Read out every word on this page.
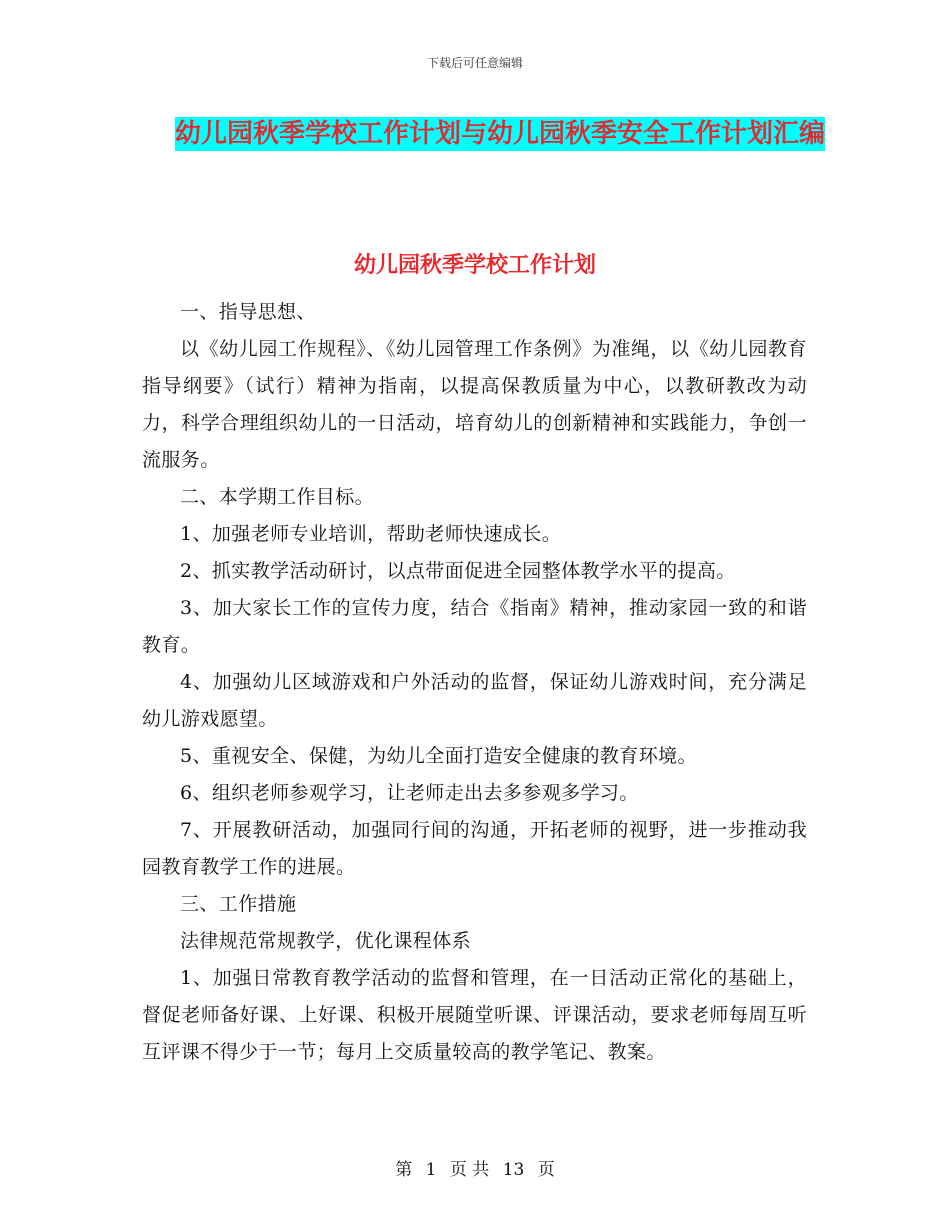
下载后可任意编辑
幼儿园秋季学校工作计划与幼儿园秋季安全工作计划汇编
幼儿园秋季学校工作计划

一、指导思想、

以《幼儿园工作规程》、《幼儿园管理工作条例》为准绳，以《幼儿园教育指导纲要》（试行）精神为指南，以提高保教质量为中心，以教研教改为动力，科学合理组织幼儿的一日活动，培育幼儿的创新精神和实践能力，争创一流服务。

二、本学期工作目标。

1、加强老师专业培训，帮助老师快速成长。

2、抓实教学活动研讨，以点带面促进全园整体教学水平的提高。

3、加大家长工作的宣传力度，结合《指南》精神，推动家园一致的和谐教育。

4、加强幼儿区域游戏和户外活动的监督，保证幼儿游戏时间，充分满足幼儿游戏愿望。

5、重视安全、保健，为幼儿全面打造安全健康的教育环境。

6、组织老师参观学习，让老师走出去多参观多学习。

7、开展教研活动，加强同行间的沟通，开拓老师的视野，进一步推动我园教育教学工作的进展。

三、工作措施

法律规范常规教学，优化课程体系

1、加强日常教育教学活动的监督和管理，在一日活动正常化的基础上，督促老师备好课、上好课、积极开展随堂听课、评课活动，要求老师每周互听互评课不得少于一节；每月上交质量较高的教学笔记、教案。

第 1 页 共 13 页
